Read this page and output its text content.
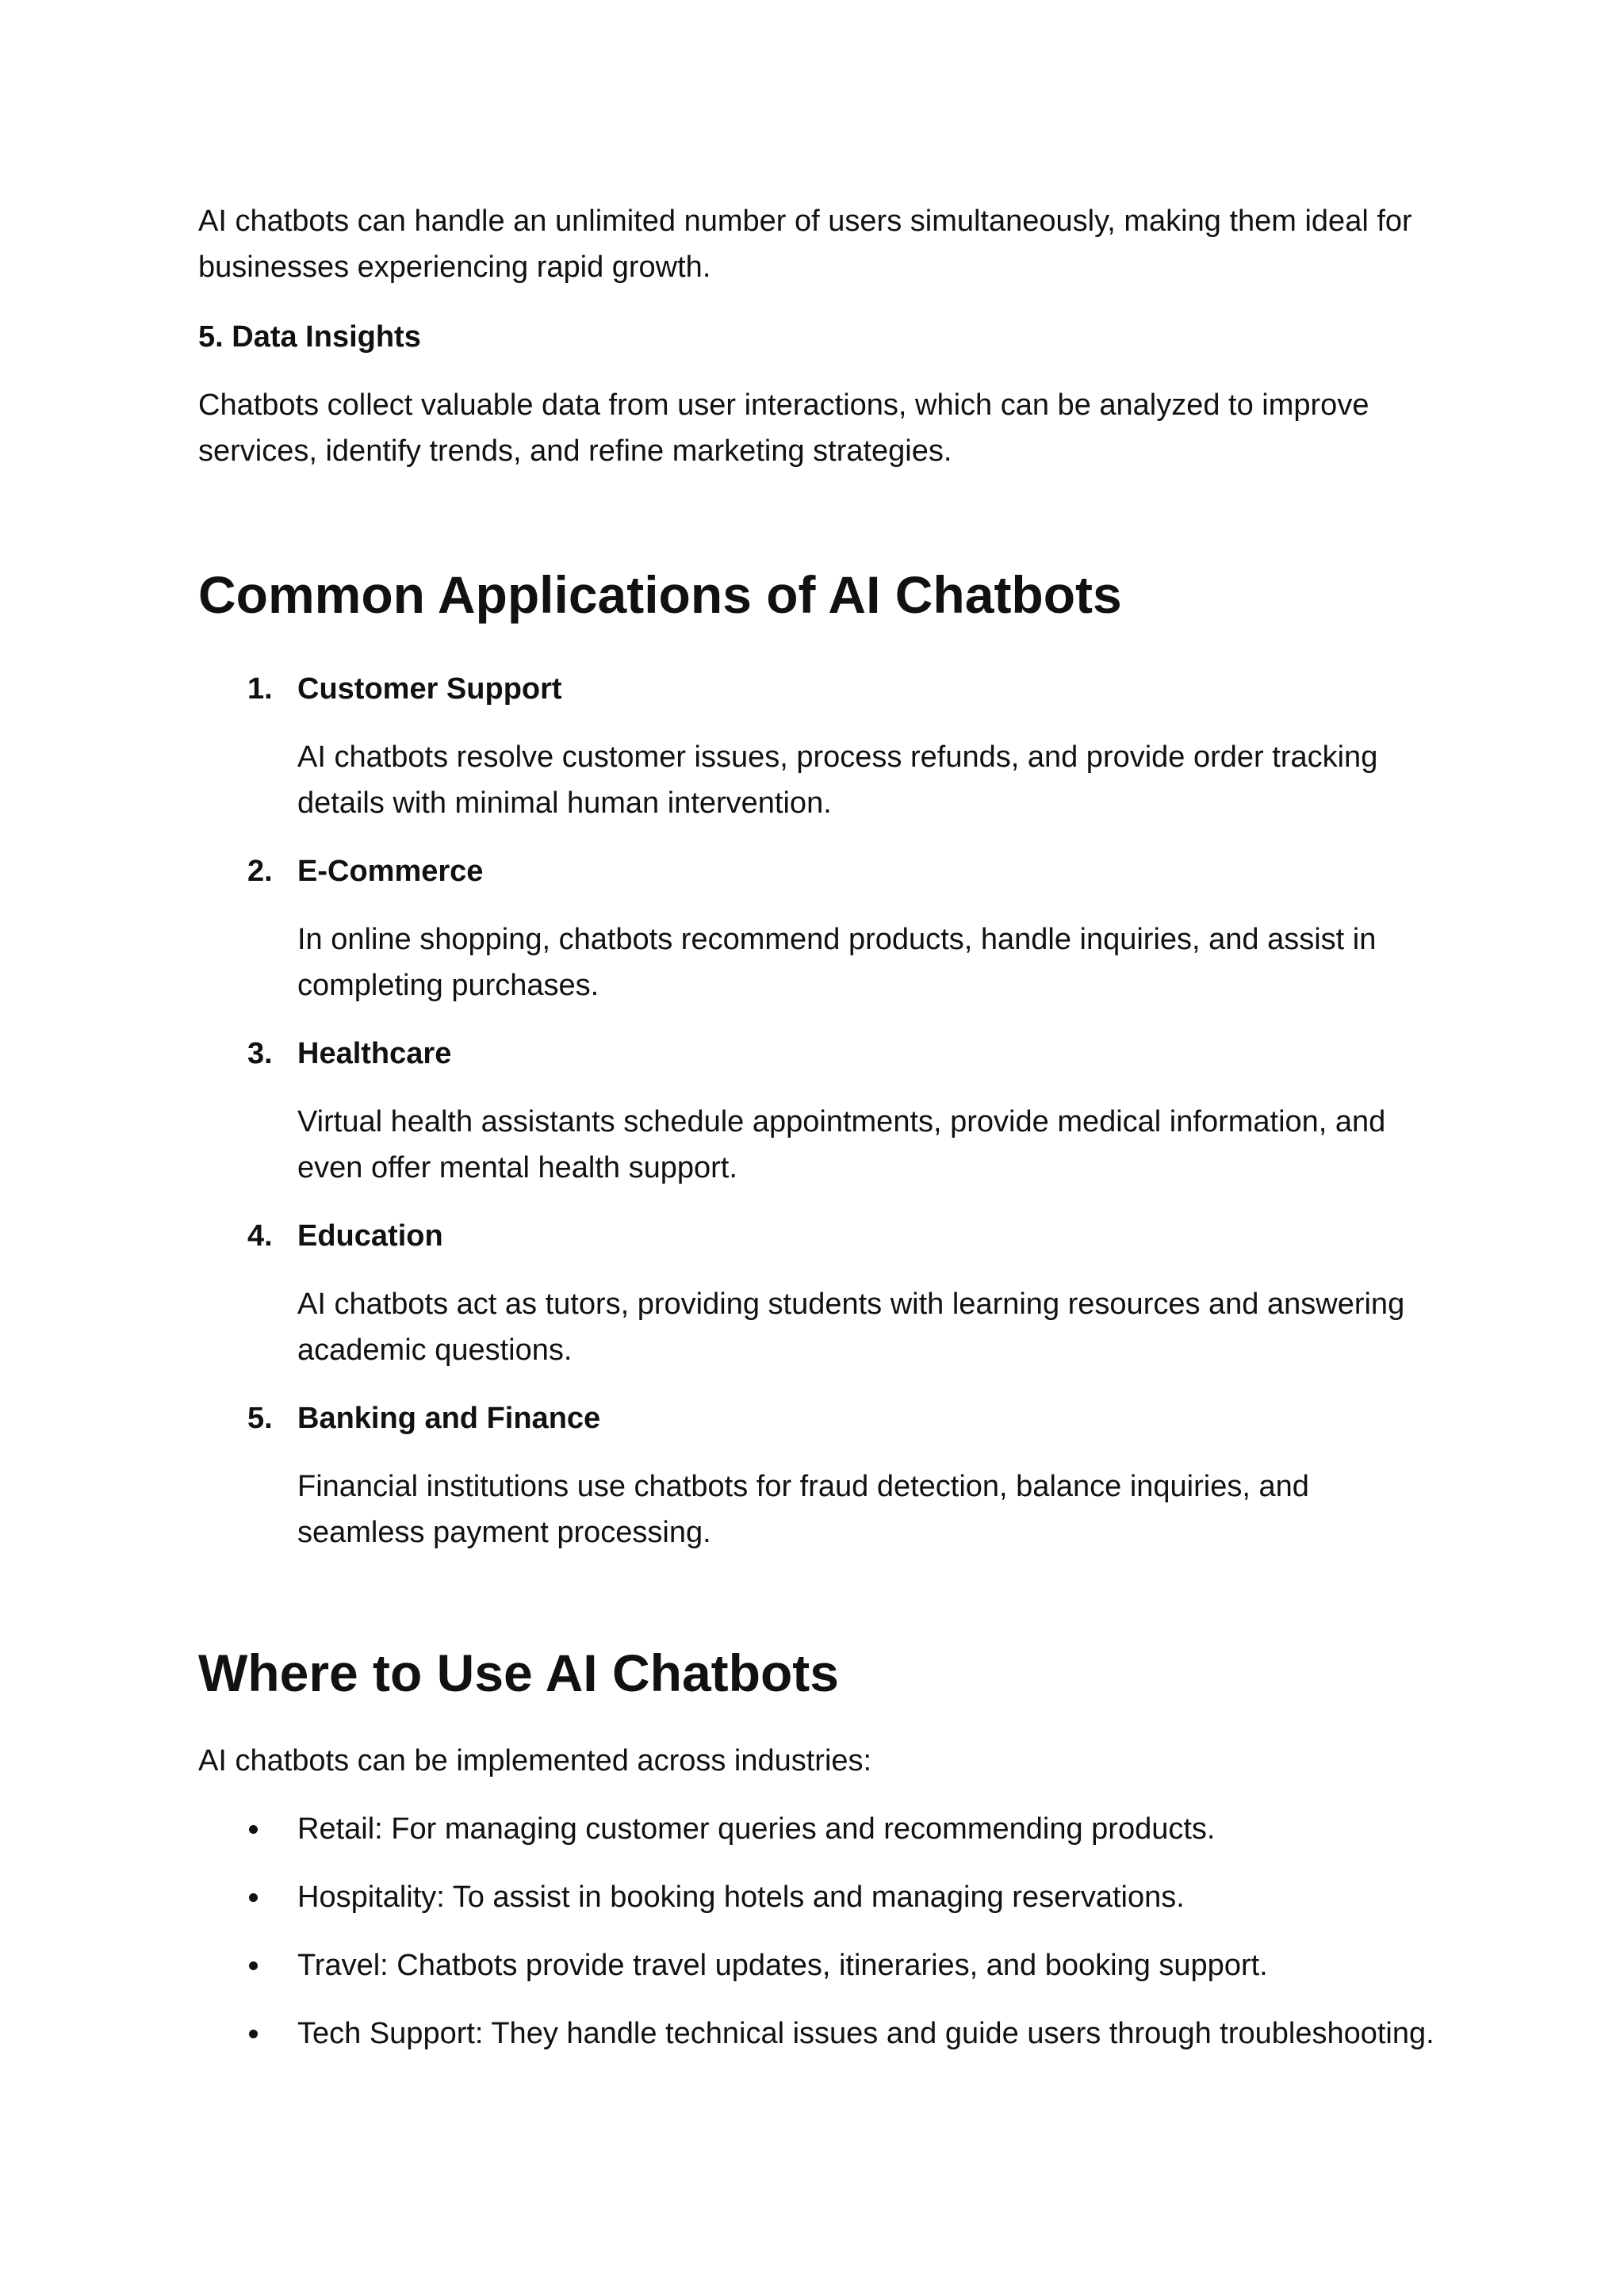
AI chatbots can handle an unlimited number of users simultaneously, making them ideal for businesses experiencing rapid growth.

5. Data Insights

Chatbots collect valuable data from user interactions, which can be analyzed to improve services, identify trends, and refine marketing strategies.

Common Applications of AI Chatbots
1. Customer Support

AI chatbots resolve customer issues, process refunds, and provide order tracking details with minimal human intervention.

2. E-Commerce

In online shopping, chatbots recommend products, handle inquiries, and assist in completing purchases.

3. Healthcare

Virtual health assistants schedule appointments, provide medical information, and even offer mental health support.

4. Education

AI chatbots act as tutors, providing students with learning resources and answering academic questions.

5. Banking and Finance

Financial institutions use chatbots for fraud detection, balance inquiries, and seamless payment processing.

Where to Use AI Chatbots

AI chatbots can be implemented across industries:

Retail: For managing customer queries and recommending products.
Hospitality: To assist in booking hotels and managing reservations.
Travel: Chatbots provide travel updates, itineraries, and booking support.
Tech Support: They handle technical issues and guide users through troubleshooting.
